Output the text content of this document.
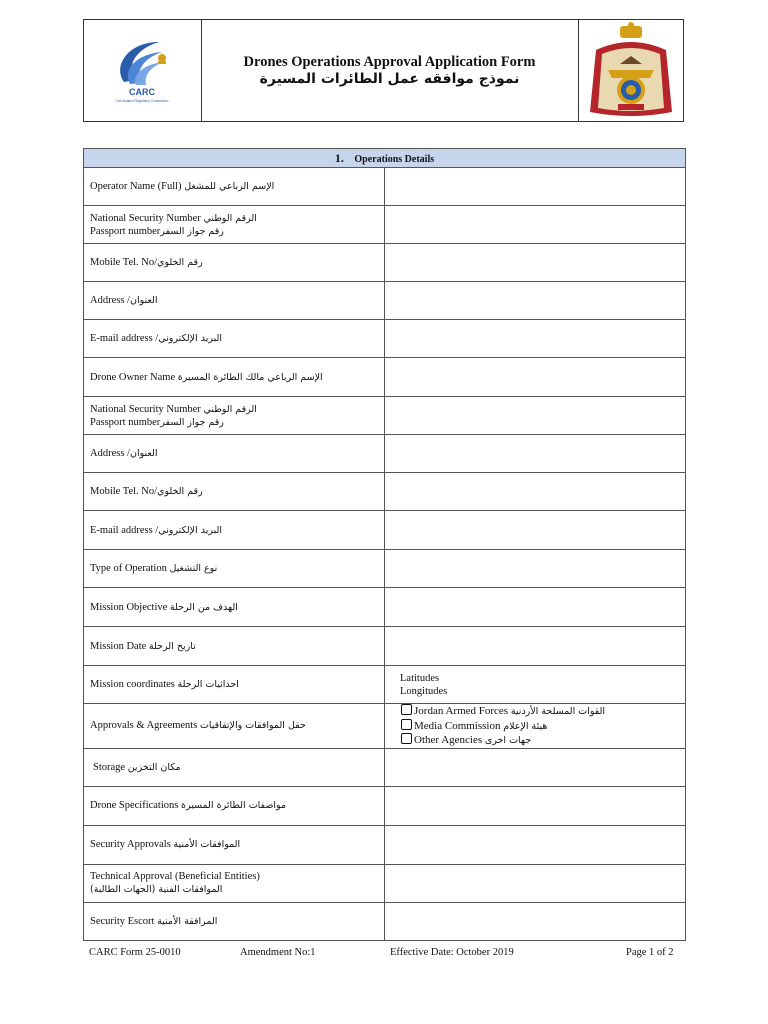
CARC
Civil Aviation Regulatory Commission
Drones Operations Approval Application Form
نموذج موافقه عمل الطائرات المسيرة
1. Operations Details	
Operator Name (Full) الإسم الرباعي للمشغل	

National Security Number الرقم الوطني
Passport numberرقم جواز السفر	

Mobile Tel. No/رقم الخلوي	
Address /العنوان	
E-mail address /البريد الإلكتروني	
Drone Owner Name الإسم الرباعي مالك الطائرة المسيرة	

National Security Number الرقم الوطني
Passport numberرقم جواز السفر	

Address /العنوان	
Mobile Tel. No/رقم الخلوي	
E-mail address /البريد الإلكتروني	
Type of Operation نوع التشغيل	
Mission Objective الهدف من الرحلة	
Mission Date تاريخ الرحلة	
Mission coordinates احداثيات الرحلة	Latitudes
Longitudes

Approvals & Agreements حقل الموافقات والإتفاقيات	Jordan Armed Forces القوات المسلحة الأردنية
Media Commission هيئة الإعلام
Other Agencies جهات اخرى

Storage مكان التخزين	
Drone Specifications مواصفات الطائرة المسيرة	
Security Approvals الموافقات الأمنية	

Technical Approval (Beneficial Entities)
الموافقات الفنية (الجهات الطالبة)	

Security Escort المرافقة الأمنية	
CARC Form 25-0010	Amendment No:1	Effective Date: October 2019	Page 1 of 2
